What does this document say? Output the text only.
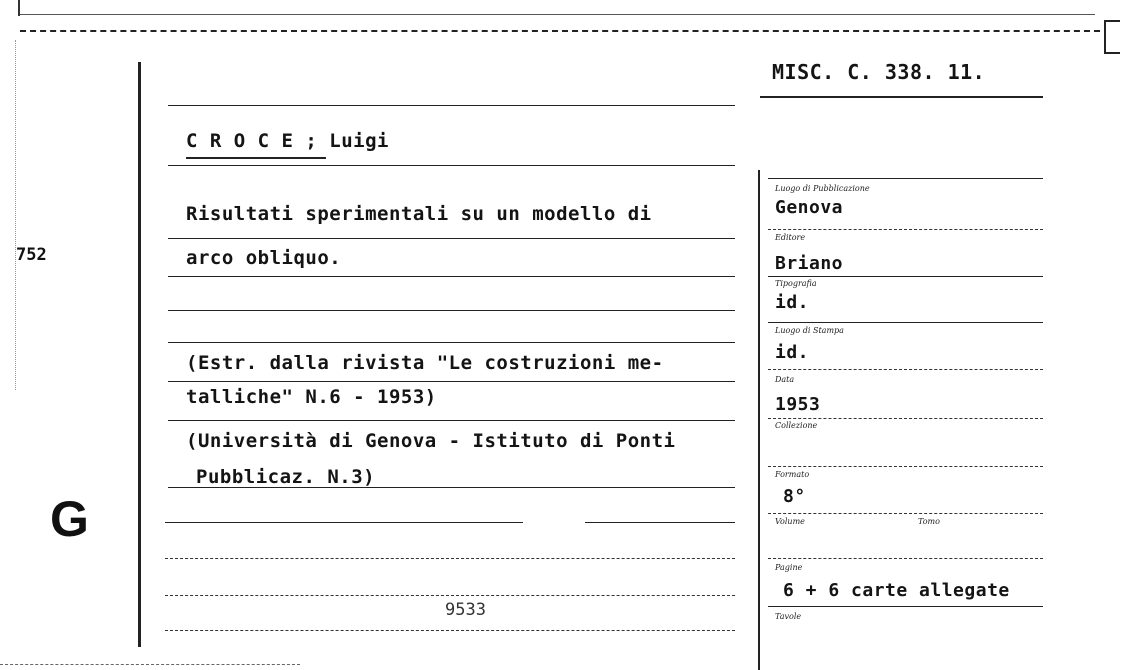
752
G
MISC. C. 338. 11.
C R O C E ; Luigi
Risultati sperimentali su un modello di
arco obliquo.
(Estr. dalla rivista "Le costruzioni me-
talliche" N.6 - 1953)
(Università di Genova - Istituto di Ponti
Pubblicaz. N.3)
9533
Luogo di Pubblicazione
Genova
Editore
Briano
Tipografia
id.
Luogo di Stampa
id.
Data
1953
Collezione
Formato
8°
Volume	Tomo
Pagine
6 + 6 carte allegate
Tavole
